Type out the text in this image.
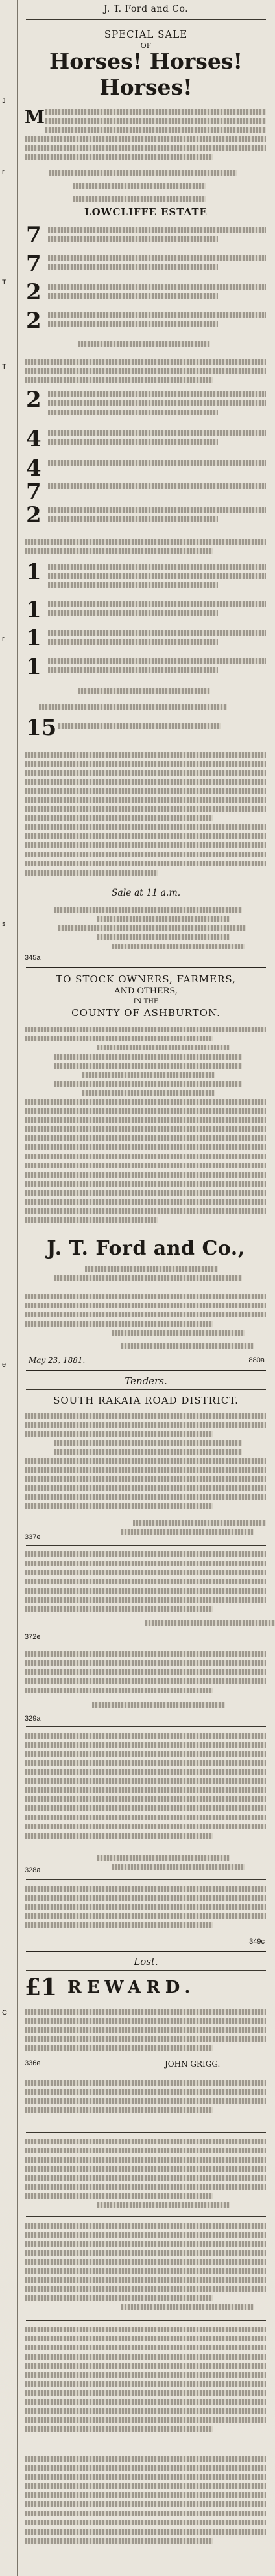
J
r
T
T
r
s
e
C
J. T. Ford and Co.
SPECIAL SALE
OF
Horses! Horses!
Horses!
M
LOWCLIFFE ESTATE
7
7
2
2
2
4
4
7
2
1
1
1
1
15
Sale at 11 a.m.
345a
TO STOCK OWNERS, FARMERS,
AND OTHERS,
IN THE
COUNTY OF ASHBURTON.
J. T. Ford and Co.,
May 23, 1881.	880a
Tenders.
SOUTH RAKAIA ROAD DISTRICT.
337e
372e
329a
328a
349c
Lost.
£1 REWARD.
336e	JOHN GRIGG.
